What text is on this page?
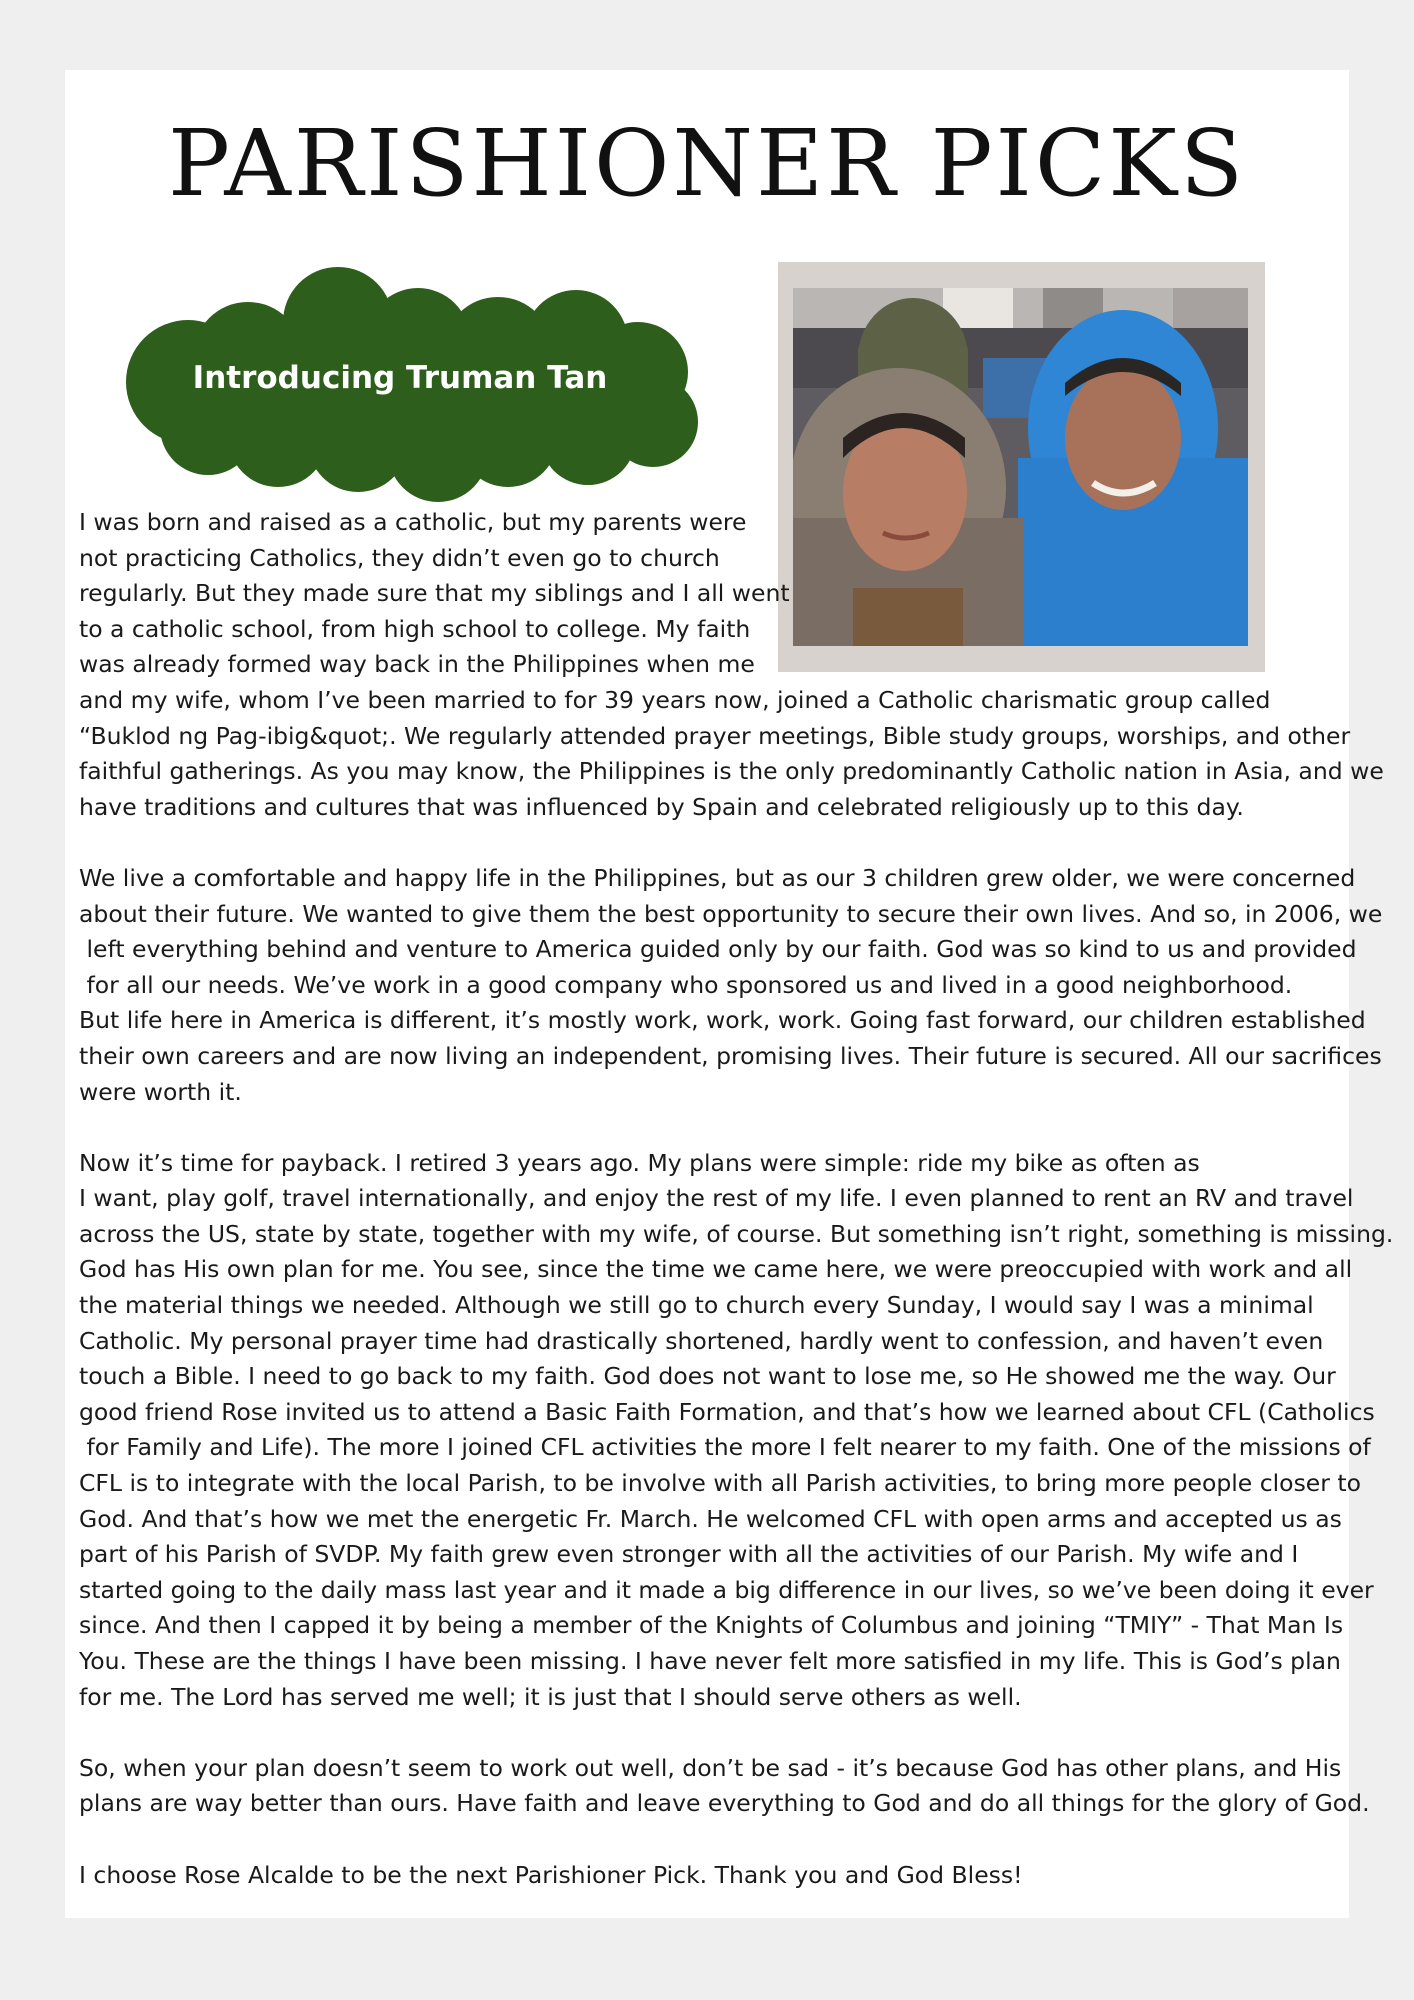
PARISHIONER PICKS
Introducing Truman Tan

I was born and raised as a catholic, but my parents were
not practicing Catholics, they didn’t even go to church
regularly. But they made sure that my siblings and I all went
to a catholic school, from high school to college. My faith
was already formed way back in the Philippines when me
and my wife, whom I’ve been married to for 39 years now, joined a Catholic charismatic group called
“Buklod ng Pag-ibig&quot;. We regularly attended prayer meetings, Bible study groups, worships, and other
faithful gatherings. As you may know, the Philippines is the only predominantly Catholic nation in Asia, and we
have traditions and cultures that was influenced by Spain and celebrated religiously up to this day.

We live a comfortable and happy life in the Philippines, but as our 3 children grew older, we were concerned
about their future. We wanted to give them the best opportunity to secure their own lives. And so, in 2006, we
left everything behind and venture to America guided only by our faith. God was so kind to us and provided
for all our needs. We’ve work in a good company who sponsored us and lived in a good neighborhood.
But life here in America is different, it’s mostly work, work, work. Going fast forward, our children established
their own careers and are now living an independent, promising lives. Their future is secured. All our sacrifices
were worth it.

Now it’s time for payback. I retired 3 years ago. My plans were simple: ride my bike as often as
I want, play golf, travel internationally, and enjoy the rest of my life. I even planned to rent an RV and travel
across the US, state by state, together with my wife, of course. But something isn’t right, something is missing.
God has His own plan for me. You see, since the time we came here, we were preoccupied with work and all
the material things we needed. Although we still go to church every Sunday, I would say I was a minimal
Catholic. My personal prayer time had drastically shortened, hardly went to confession, and haven’t even
touch a Bible. I need to go back to my faith. God does not want to lose me, so He showed me the way. Our
good friend Rose invited us to attend a Basic Faith Formation, and that’s how we learned about CFL (Catholics
for Family and Life). The more I joined CFL activities the more I felt nearer to my faith. One of the missions of
CFL is to integrate with the local Parish, to be involve with all Parish activities, to bring more people closer to
God. And that’s how we met the energetic Fr. March. He welcomed CFL with open arms and accepted us as
part of his Parish of SVDP. My faith grew even stronger with all the activities of our Parish. My wife and I
started going to the daily mass last year and it made a big difference in our lives, so we’ve been doing it ever
since. And then I capped it by being a member of the Knights of Columbus and joining “TMIY” - That Man Is
You. These are the things I have been missing. I have never felt more satisfied in my life. This is God’s plan
for me. The Lord has served me well; it is just that I should serve others as well.

So, when your plan doesn’t seem to work out well, don’t be sad - it’s because God has other plans, and His
plans are way better than ours. Have faith and leave everything to God and do all things for the glory of God.

I choose Rose Alcalde to be the next Parishioner Pick. Thank you and God Bless!
